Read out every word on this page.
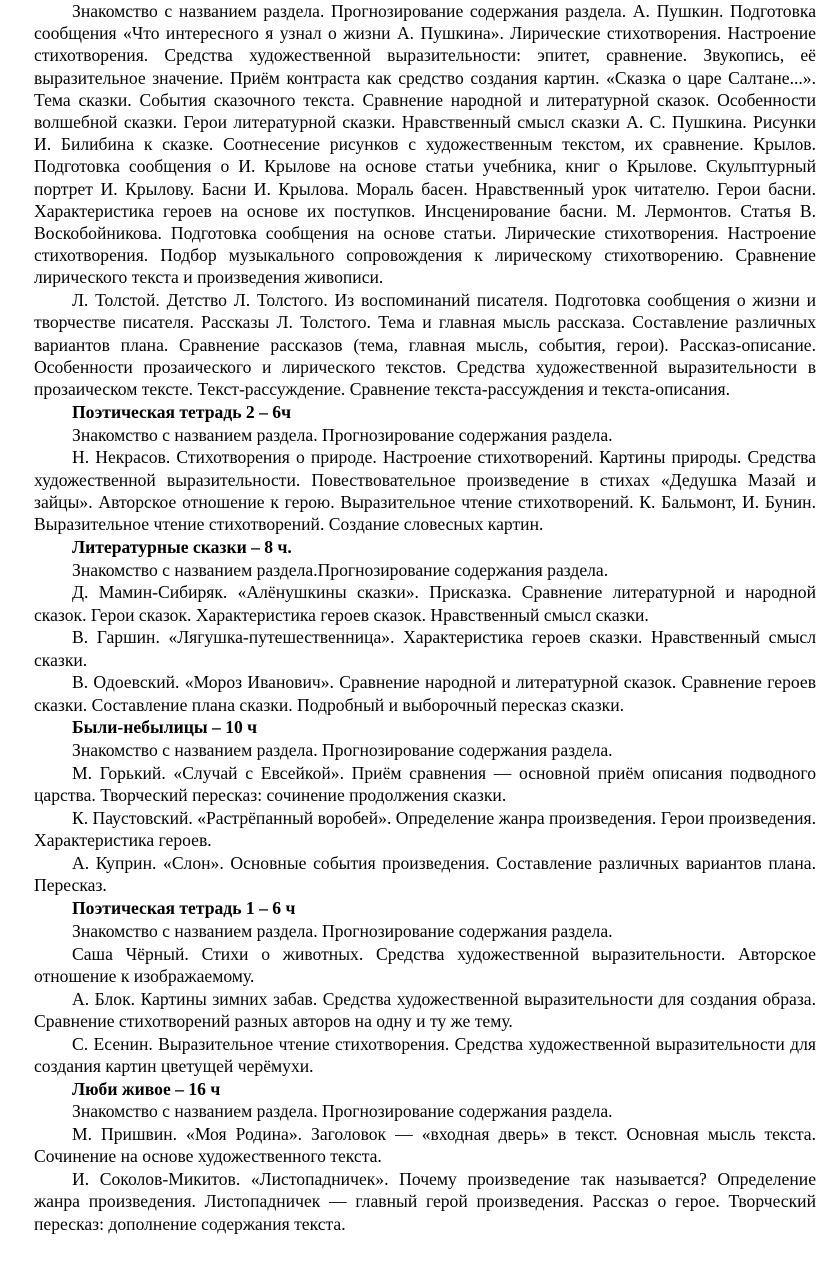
Знакомство с названием раздела. Прогнозирование содержания раздела. А. Пушкин. Подготовка сообщения «Что интересного я узнал о жизни А. Пушкина». Лирические стихотворения. Настроение стихотворения. Средства художественной выразительности: эпитет, сравнение. Звукопись, её выразительное значение. Приём контраста как средство создания картин. «Сказка о царе Салтане...». Тема сказки. События сказочного текста. Сравнение народной и литературной сказок. Особенности волшебной сказки. Герои литературной сказки. Нравственный смысл сказки А. С. Пушкина. Рисунки И. Билибина к сказке. Соотнесение рисунков с художественным текстом, их сравнение. Крылов. Подготовка сообщения о И. Крылове на основе статьи учебника, книг о Крылове. Скульптурный портрет И. Крылову. Басни И. Крылова. Мораль басен. Нравственный урок читателю. Герои басни. Характеристика героев на основе их поступков. Инсценирование басни. М. Лермонтов. Статья В. Воскобойникова. Подготовка сообщения на основе статьи. Лирические стихотворения. Настроение стихотворения. Подбор музыкального сопровождения к лирическому стихотворению. Сравнение лирического текста и произведения живописи.

Л. Толстой. Детство Л. Толстого. Из воспоминаний писателя. Подготовка сообщения о жизни и творчестве писателя. Рассказы Л. Толстого. Тема и главная мысль рассказа. Составление различных вариантов плана. Сравнение рассказов (тема, главная мысль, события, герои). Рассказ-описание. Особенности прозаического и лирического текстов. Средства художественной выразительности в прозаическом тексте. Текст-рассуждение. Сравнение текста-рассуждения и текста-описания.

Поэтическая тетрадь 2 – 6ч

Знакомство с названием раздела. Прогнозирование содержания раздела.

Н. Некрасов. Стихотворения о природе. Настроение стихотворений. Картины природы. Средства художественной выразительности. Повествовательное произведение в стихах «Дедушка Мазай и зайцы». Авторское отношение к герою. Выразительное чтение стихотворений. К. Бальмонт, И. Бунин. Выразительное чтение стихотворений. Создание словесных картин.

Литературные сказки – 8 ч.

Знакомство с названием раздела.Прогнозирование содержания раздела.

Д. Мамин-Сибиряк. «Алёнушкины сказки». Присказка. Сравнение литературной и народной сказок. Герои сказок. Характеристика героев сказок. Нравственный смысл сказки.

В. Гаршин. «Лягушка-путешественница». Характеристика героев сказки. Нравственный смысл сказки.

В. Одоевский. «Мороз Иванович». Сравнение народной и литературной сказок. Сравнение героев сказки. Составление плана сказки. Подробный и выборочный пересказ сказки.

Были-небылицы – 10 ч

Знакомство с названием раздела. Прогнозирование содержания раздела.

М. Горький. «Случай с Евсейкой». Приём сравнения — основной приём описания подводного царства. Творческий пересказ: сочинение продолжения сказки.

К. Паустовский. «Растрёпанный воробей». Определение жанра произведения. Герои произведения. Характеристика героев.

А. Куприн. «Слон». Основные события произведения. Составление различных вариантов плана. Пересказ.

Поэтическая тетрадь 1 – 6 ч

Знакомство с названием раздела. Прогнозирование содержания раздела.

Саша Чёрный. Стихи о животных. Средства художественной выразительности. Авторское отношение к изображаемому.

А. Блок. Картины зимних забав. Средства художественной выразительности для создания образа. Сравнение стихотворений разных авторов на одну и ту же тему.

С. Есенин. Выразительное чтение стихотворения. Средства художественной выразительности для создания картин цветущей черёмухи.

Люби живое – 16 ч

Знакомство с названием раздела. Прогнозирование содержания раздела.

М. Пришвин. «Моя Родина». Заголовок — «входная дверь» в текст. Основная мысль текста. Сочинение на основе художественного текста.

И. Соколов-Микитов. «Листопадничек». Почему произведение так называется? Определение жанра произведения. Листопадничек — главный герой произведения. Рассказ о герое. Творческий пересказ: дополнение содержания текста.
